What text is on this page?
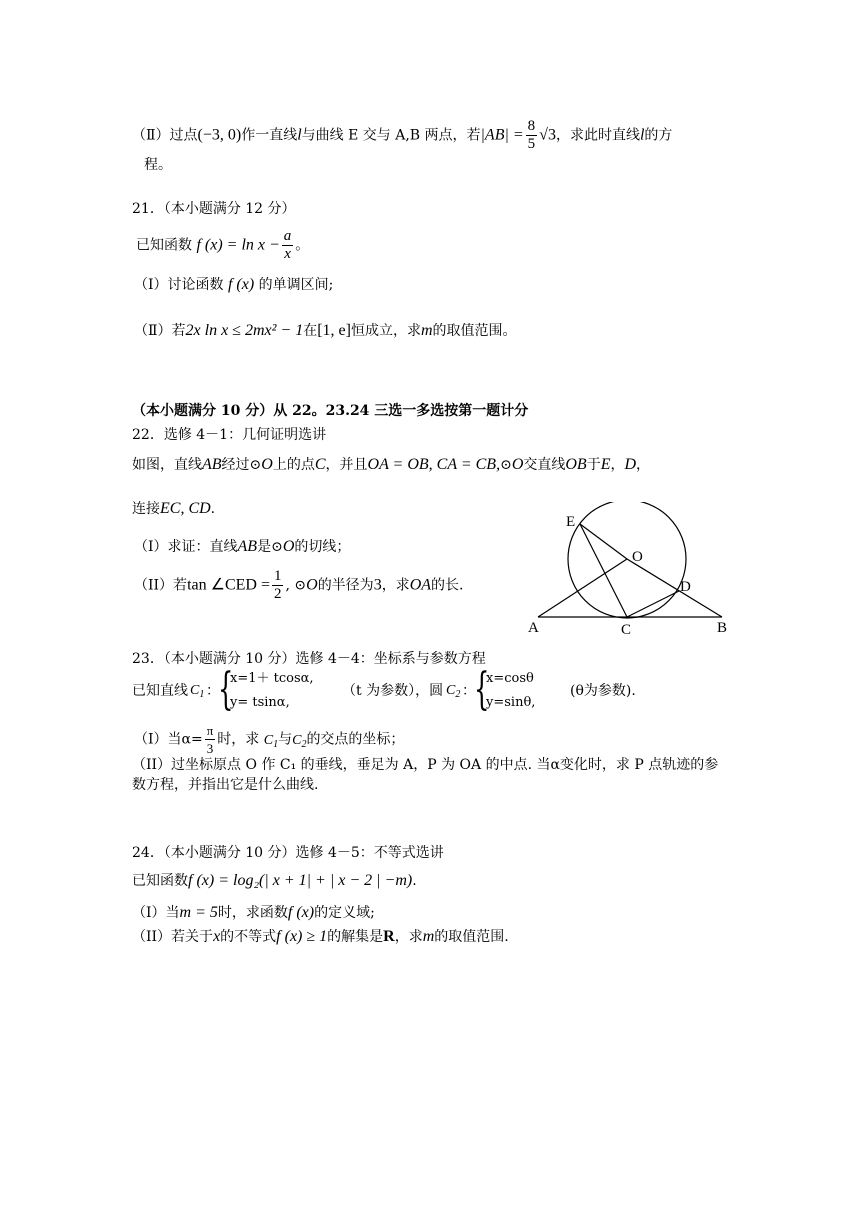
（Ⅱ）过点(−3, 0)作一直线l与曲线 E 交与 A,B 两点，若$|AB| = \frac{8}{5} √3$，求此时直线l的方
程。
21．（本小题满分 12 分）
已知函数 f $(x) = \ln x - \frac{a}{x}$ 。
（Ⅰ）讨论函数 f (x) 的单调区间;
（Ⅱ）若2x ln x ≤ 2mx² − 1在[1, e]恒成立，求m的取值范围。
（本小题满分 10 分）从 22。23.24 三选一多选按第一题计分
22．选修 4－1：几何证明选讲
如图，直线AB经过⊙O上的点C，并且OA = OB, CA = CB,⊙O交直线OB于E，D，
连接EC, CD.
（I）求证：直线AB是⊙O的切线；
（II）若tan ∠CED = $\frac{1}{2}$ , ⊙O的半径为3，求OA的长.
E
O
D
A	C	B
23．（本小题满分 10 分）选修 4－4：坐标系与参数方程
已知直线 $C_1$ ：
{
x=1＋ tcosα,
y= tsinα,
（t 为参数），圆 $C_2$ ：
{
x=cosθ
y=sinθ,
(θ为参数).
（I）当$\alpha= \frac{\pi}{3}$ 时，求 $C_1$与$C_2$的交点的坐标；
（II）过坐标原点 O 作 C₁ 的垂线，垂足为 A，P 为 OA 的中点. 当α变化时，求 P 点轨迹的参
数方程，并指出它是什么曲线.
24．（本小题满分 10 分）选修 4－5：不等式选讲
已知函数f (x) = log₂(| x + 1| + | x − 2 | −m).
（I）当m = 5时，求函数f (x)的定义域;
（II）若关于x的不等式f (x) ≥ 1的解集是R，求m的取值范围.
